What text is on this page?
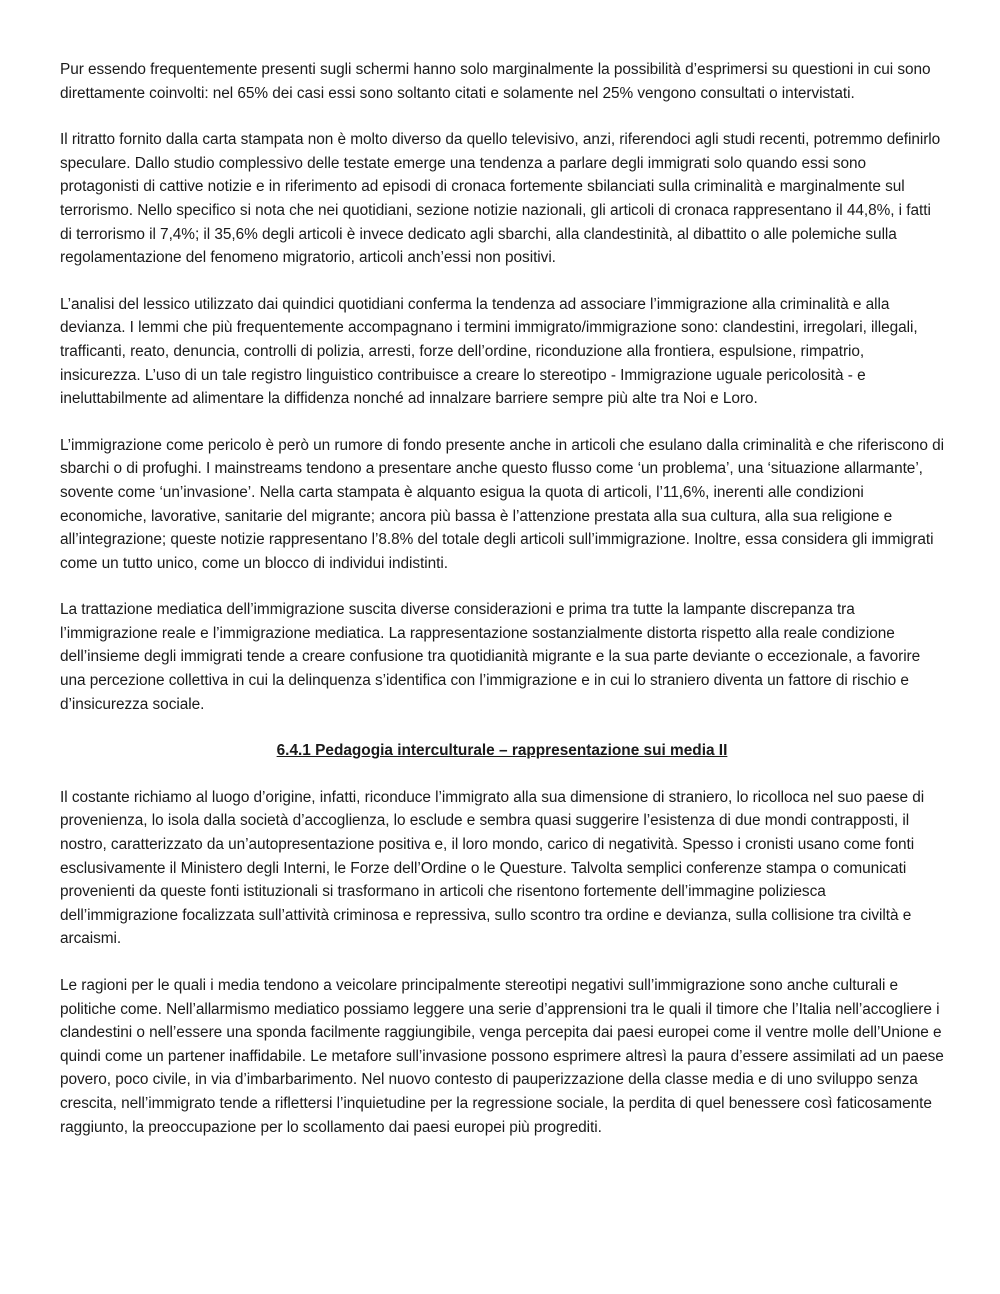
Pur essendo frequentemente presenti sugli schermi hanno solo marginalmente la possibilità d’esprimersi su questioni in cui sono direttamente coinvolti: nel 65% dei casi essi sono soltanto citati e solamente nel 25% vengono consultati o intervistati.

Il ritratto fornito dalla carta stampata non è molto diverso da quello televisivo, anzi, riferendoci agli studi recenti, potremmo definirlo speculare. Dallo studio complessivo delle testate emerge una tendenza a parlare degli immigrati solo quando essi sono protagonisti di cattive notizie e in riferimento ad episodi di cronaca fortemente sbilanciati sulla criminalità e marginalmente sul terrorismo. Nello specifico si nota che nei quotidiani, sezione notizie nazionali, gli articoli di cronaca rappresentano il 44,8%, i fatti di terrorismo il 7,4%; il 35,6% degli articoli è invece dedicato agli sbarchi, alla clandestinità, al dibattito o alle polemiche sulla regolamentazione del fenomeno migratorio, articoli anch’essi non positivi.

L’analisi del lessico utilizzato dai quindici quotidiani conferma la tendenza ad associare l’immigrazione alla criminalità e alla devianza. I lemmi che più frequentemente accompagnano i termini immigrato/immigrazione sono: clandestini, irregolari, illegali, trafficanti, reato, denuncia, controlli di polizia, arresti, forze dell’ordine, riconduzione alla frontiera, espulsione, rimpatrio, insicurezza. L’uso di un tale registro linguistico contribuisce a creare lo stereotipo - Immigrazione uguale pericolosità - e ineluttabilmente ad alimentare la diffidenza nonché ad innalzare barriere sempre più alte tra Noi e Loro.

L’immigrazione come pericolo è però un rumore di fondo presente anche in articoli che esulano dalla criminalità e che riferiscono di sbarchi o di profughi. I mainstreams tendono a presentare anche questo flusso come ‘un problema’, una ‘situazione allarmante’, sovente come ‘un’invasione’. Nella carta stampata è alquanto esigua la quota di articoli, l’11,6%, inerenti alle condizioni economiche, lavorative, sanitarie del migrante; ancora più bassa è l’attenzione prestata alla sua cultura, alla sua religione e all’integrazione; queste notizie rappresentano l’8.8% del totale degli articoli sull’immigrazione. Inoltre, essa considera gli immigrati come un tutto unico, come un blocco di individui indistinti.

La trattazione mediatica dell’immigrazione suscita diverse considerazioni e prima tra tutte la lampante discrepanza tra l’immigrazione reale e l’immigrazione mediatica. La rappresentazione sostanzialmente distorta rispetto alla reale condizione dell’insieme degli immigrati tende a creare confusione tra quotidianità migrante e la sua parte deviante o eccezionale, a favorire una percezione collettiva in cui la delinquenza s’identifica con l’immigrazione e in cui lo straniero diventa un fattore di rischio e d’insicurezza sociale.

6.4.1 Pedagogia interculturale – rappresentazione sui media II

Il costante richiamo al luogo d’origine, infatti, riconduce l’immigrato alla sua dimensione di straniero, lo ricolloca nel suo paese di provenienza, lo isola dalla società d’accoglienza, lo esclude e sembra quasi suggerire l’esistenza di due mondi contrapposti, il nostro, caratterizzato da un’autopresentazione positiva e, il loro mondo, carico di negatività. Spesso i cronisti usano come fonti esclusivamente il Ministero degli Interni, le Forze dell’Ordine o le Questure. Talvolta semplici conferenze stampa o comunicati provenienti da queste fonti istituzionali si trasformano in articoli che risentono fortemente dell’immagine poliziesca dell’immigrazione focalizzata sull’attività criminosa e repressiva, sullo scontro tra ordine e devianza, sulla collisione tra civiltà e arcaismi.

Le ragioni per le quali i media tendono a veicolare principalmente stereotipi negativi sull’immigrazione sono anche culturali e politiche come. Nell’allarmismo mediatico possiamo leggere una serie d’apprensioni tra le quali il timore che l’Italia nell’accogliere i clandestini o nell’essere una sponda facilmente raggiungibile, venga percepita dai paesi europei come il ventre molle dell’Unione e quindi come un partener inaffidabile. Le metafore sull’invasione possono esprimere altresì la paura d’essere assimilati ad un paese povero, poco civile, in via d’imbarbarimento. Nel nuovo contesto di pauperizzazione della classe media e di uno sviluppo senza crescita, nell’immigrato tende a riflettersi l’inquietudine per la regressione sociale, la perdita di quel benessere così faticosamente raggiunto, la preoccupazione per lo scollamento dai paesi europei più progrediti.
